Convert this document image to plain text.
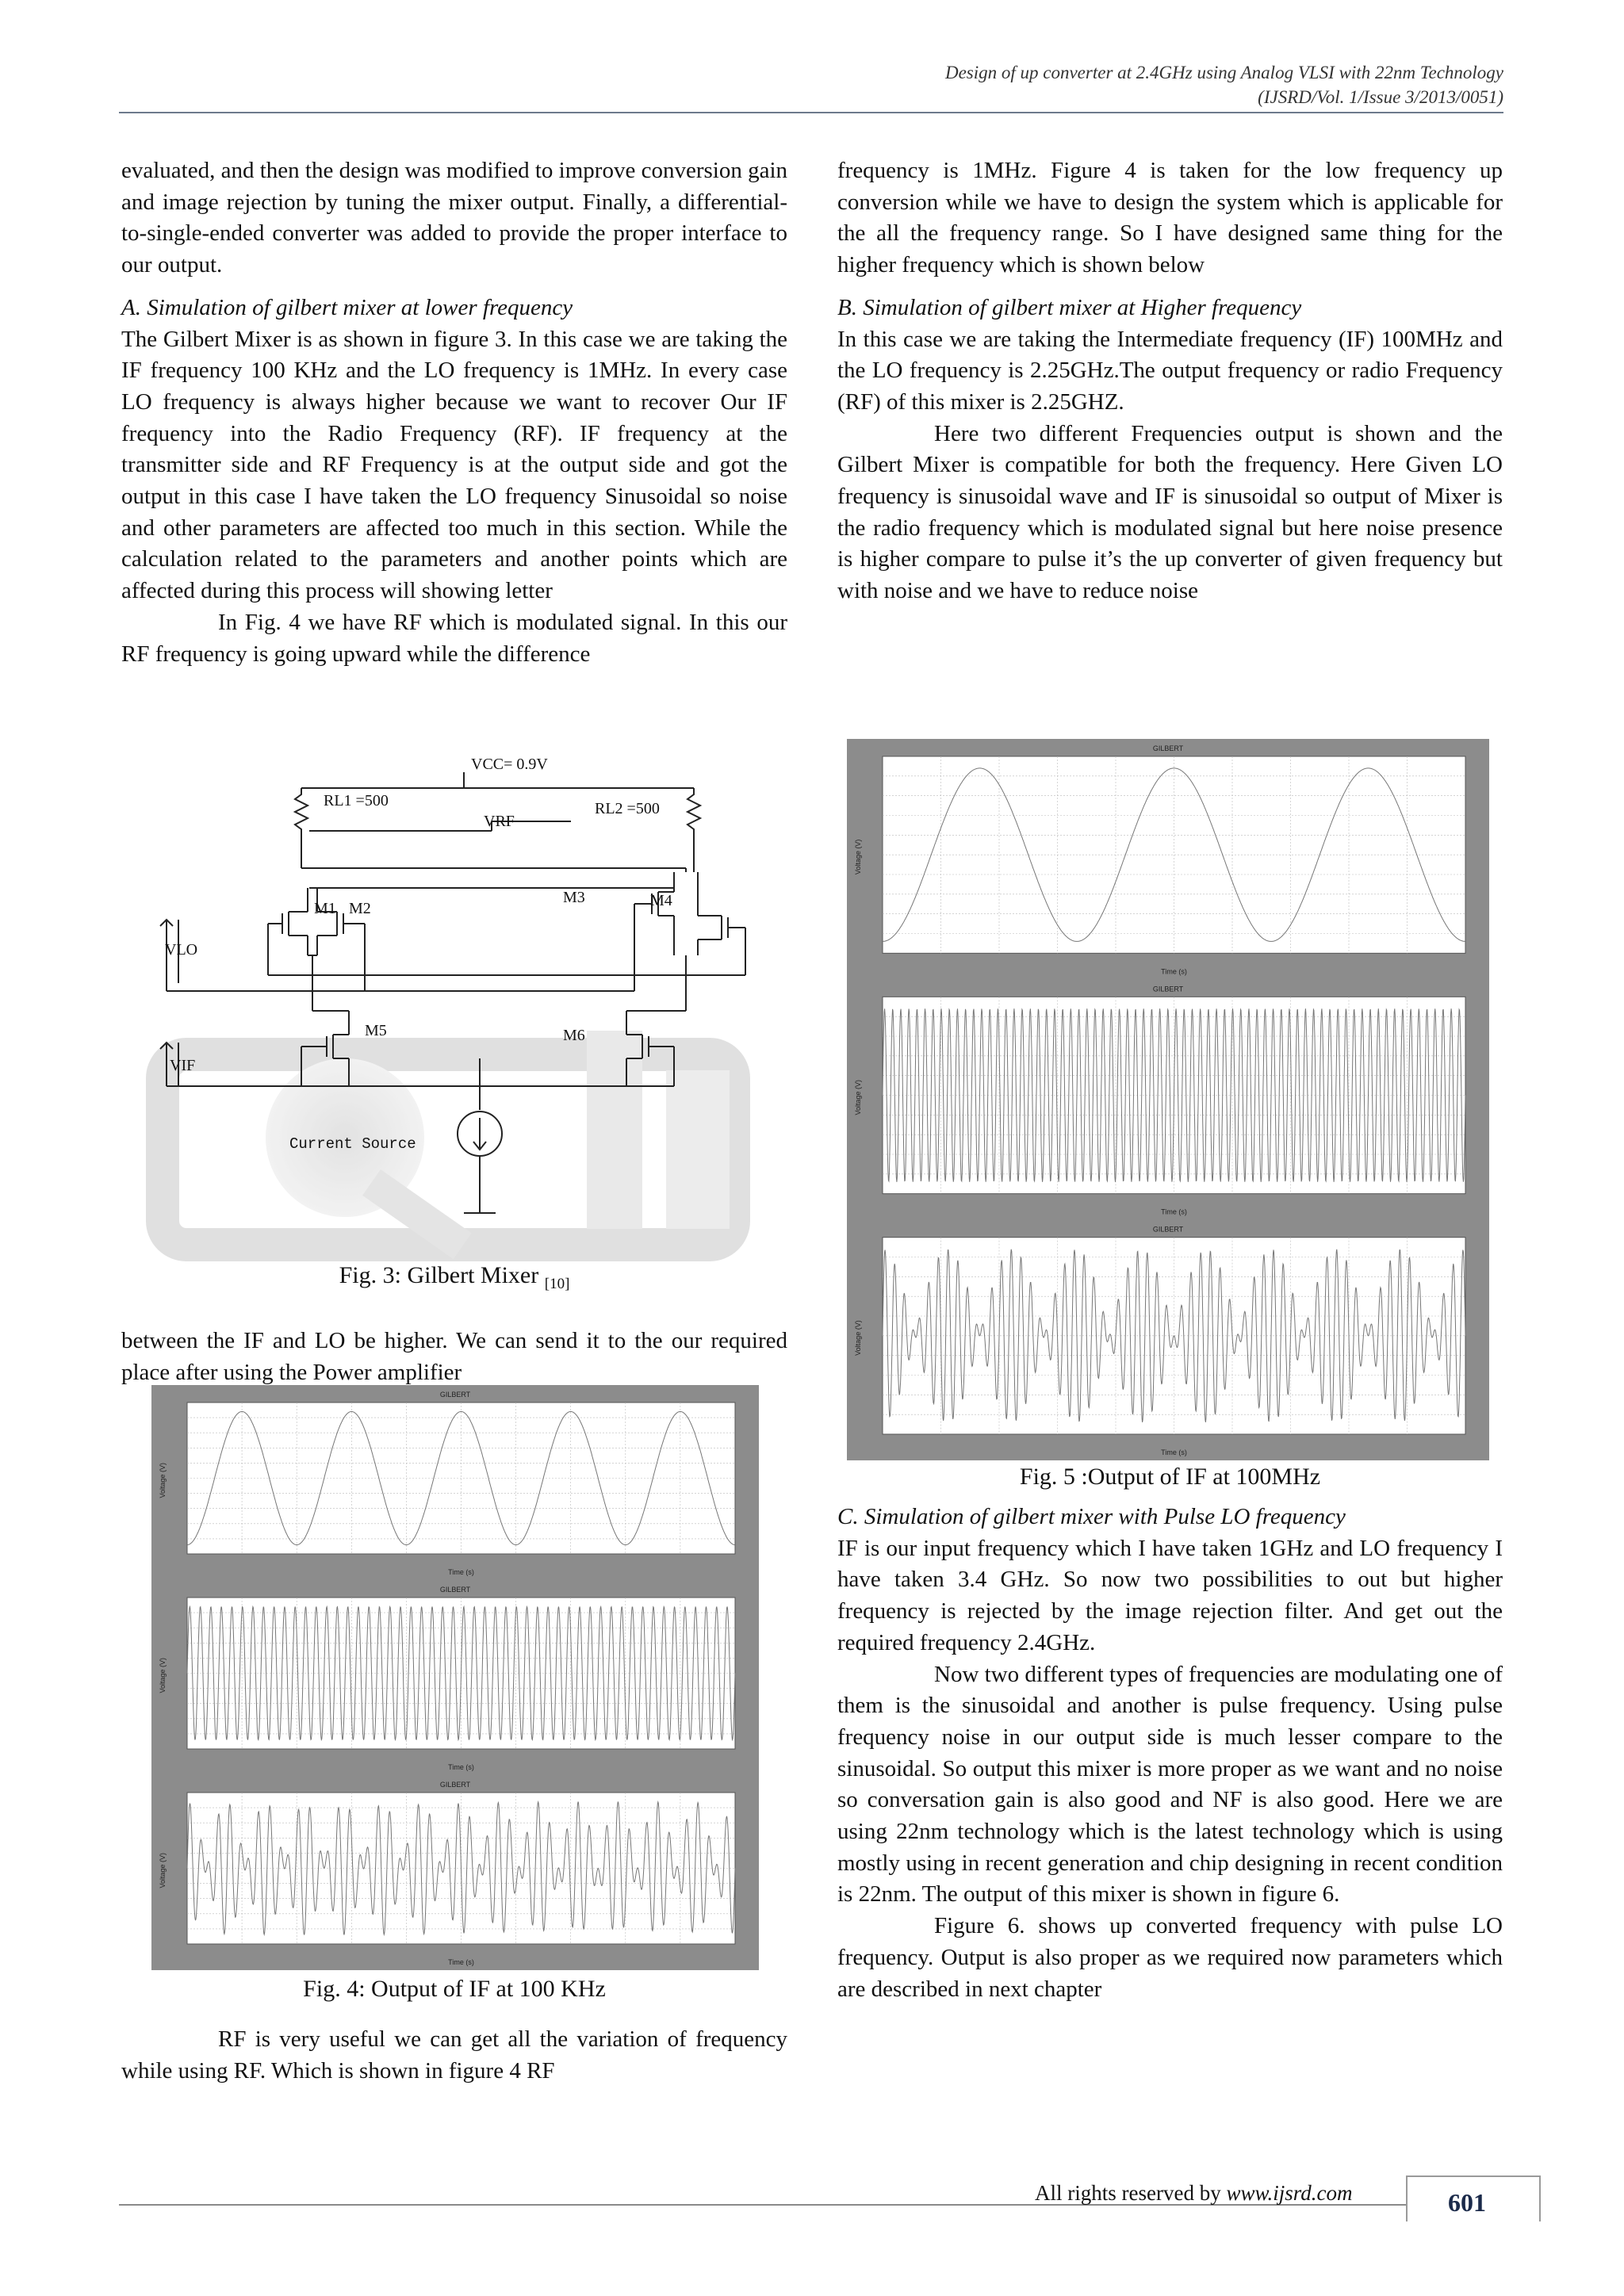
Design of up converter at 2.4GHz using Analog VLSI with 22nm Technology
(IJSRD/Vol. 1/Issue 3/2013/0051)

evaluated, and then the design was modified to improve conversion gain and image rejection by tuning the mixer output. Finally, a differential-to-single-ended converter was added to provide the proper interface to our output.

A. Simulation of gilbert mixer at lower frequency

The Gilbert Mixer is as shown in figure 3. In this case we are taking the IF frequency 100 KHz and the LO frequency is 1MHz. In every case LO frequency is always higher because we want to recover Our IF frequency into the Radio Frequency (RF). IF frequency at the transmitter side and RF Frequency is at the output side and got the output in this case I have taken the LO frequency Sinusoidal so noise and other parameters are affected too much in this section. While the calculation related to the parameters and another points which are affected during this process will showing letter

In Fig. 4 we have RF which is modulated signal. In this our RF frequency is going upward while the difference

VCC= 0.9V
RL1 =500	RL2 =500
VRF
M1 M2
M3	M4
M5	M6
VLO
VIF
Current Source
Fig. 3: Gilbert Mixer $_{[10]}$

between the IF and LO be higher. We can send it to the our required place after using the Power amplifier

GILBERT
Voltage (V)
Time (s)
GILBERT
Voltage (V)
Time (s)
GILBERT
Voltage (V)
Time (s)
Fig. 4: Output of IF at 100 KHz

RF is very useful we can get all the variation of frequency while using RF. Which is shown in figure 4 RF

frequency is 1MHz. Figure 4 is taken for the low frequency up conversion while we have to design the system which is applicable for the all the frequency range. So I have designed same thing for the higher frequency which is shown below

B. Simulation of gilbert mixer at Higher frequency

In this case we are taking the Intermediate frequency (IF) 100MHz and the LO frequency is 2.25GHz.The output frequency or radio Frequency (RF) of this mixer is 2.25GHZ.

Here two different Frequencies output is shown and the Gilbert Mixer is compatible for both the frequency. Here Given LO frequency is sinusoidal wave and IF is sinusoidal so output of Mixer is the radio frequency which is modulated signal but here noise presence is higher compare to pulse it’s the up converter of given frequency but with noise and we have to reduce noise

GILBERT
Voltage (V)
Time (s)
GILBERT
Voltage (V)
Time (s)
GILBERT
Voltage (V)
Time (s)
Fig. 5 :Output of IF at 100MHz

C. Simulation of gilbert mixer with Pulse LO frequency

IF is our input frequency which I have taken 1GHz and LO frequency I have taken 3.4 GHz. So now two possibilities to out but higher frequency is rejected by the image rejection filter. And get out the required frequency 2.4GHz.

Now two different types of frequencies are modulating one of them is the sinusoidal and another is pulse frequency. Using pulse frequency noise in our output side is much lesser compare to the sinusoidal. So output this mixer is more proper as we want and no noise so conversation gain is also good and NF is also good. Here we are using 22nm technology which is the latest technology which is using mostly using in recent generation and chip designing in recent condition is 22nm. The output of this mixer is shown in figure 6.

Figure 6. shows up converted frequency with pulse LO frequency. Output is also proper as we required now parameters which are described in next chapter

All rights reserved by www.ijsrd.com	601
